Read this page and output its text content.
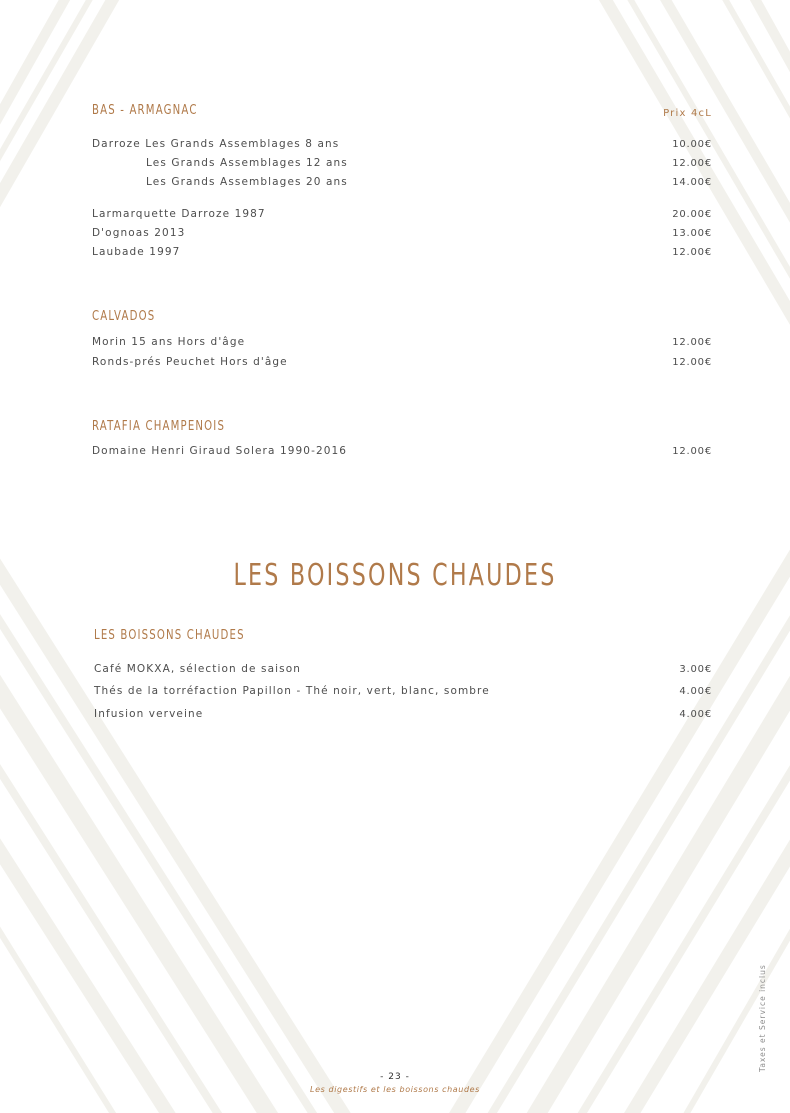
BAS - ARMAGNAC	Prix 4cL
Darroze Les Grands Assemblages 8 ans	10.00€
Les Grands Assemblages 12 ans	12.00€
Les Grands Assemblages 20 ans	14.00€
Larmarquette Darroze 1987	20.00€
D'ognoas 2013	13.00€
Laubade 1997	12.00€
CALVADOS
Morin 15 ans Hors d'âge	12.00€
Ronds-prés Peuchet Hors d'âge	12.00€
RATAFIA CHAMPENOIS
Domaine Henri Giraud Solera 1990-2016	12.00€
LES BOISSONS CHAUDES
LES BOISSONS CHAUDES
Café MOKXA, sélection de saison	3.00€
Thés de la torréfaction Papillon - Thé noir, vert, blanc, sombre	4.00€
Infusion verveine	4.00€
Taxes et Service inclus
- 23 -
Les digestifs et les boissons chaudes
